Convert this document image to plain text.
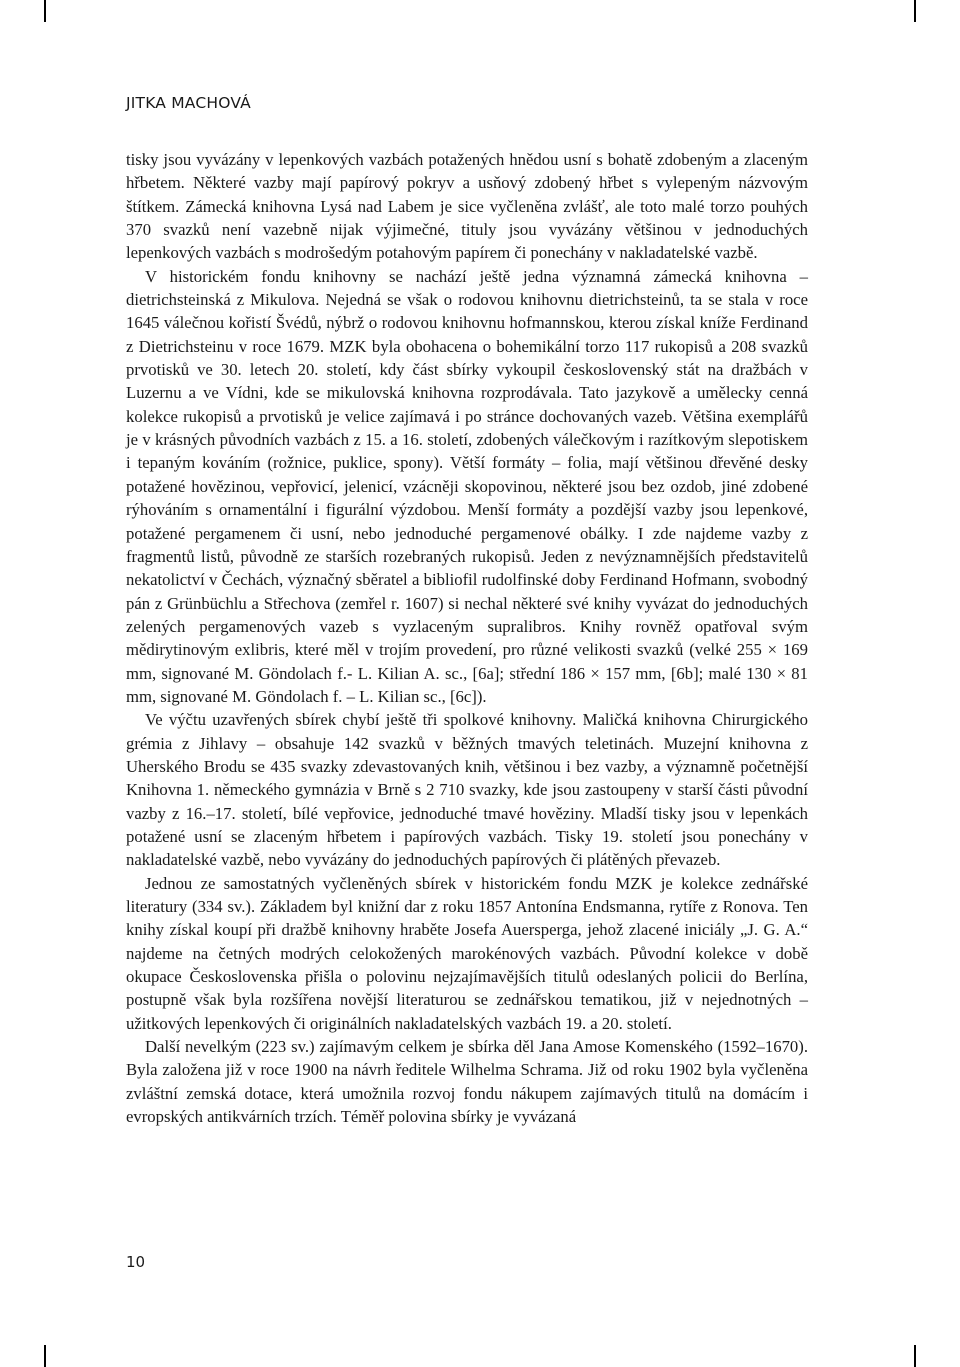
JITKA MACHOVÁ

tisky jsou vyvázány v lepenkových vazbách potažených hnědou usní s bohatě zdobeným a zlaceným hřbetem. Některé vazby mají papírový pokryv a usňový zdobený hřbet s vylepeným názvovým štítkem. Zámecká knihovna Lysá nad Labem je sice vyčleněna zvlášť, ale toto malé torzo pouhých 370 svazků není vazebně nijak výjimečné, tituly jsou vyvázány většinou v jednoduchých lepenkových vazbách s modrošedým potahovým papírem či ponechány v nakladatelské vazbě.

V historickém fondu knihovny se nachází ještě jedna významná zámecká knihovna – dietrichsteinská z Mikulova. Nejedná se však o rodovou knihovnu dietrichsteinů, ta se stala v roce 1645 válečnou kořistí Švédů, nýbrž o rodovou knihovnu hofmannskou, kterou získal kníže Ferdinand z Dietrichsteinu v roce 1679. MZK byla obohacena o bohemikální torzo 117 rukopisů a 208 svazků prvotisků ve 30. letech 20. století, kdy část sbírky vykoupil československý stát na dražbách v Luzernu a ve Vídni, kde se mikulovská knihovna rozprodávala. Tato jazykově a umělecky cenná kolekce rukopisů a prvotisků je velice zajímavá i po stránce dochovaných vazeb. Většina exemplářů je v krásných původních vazbách z 15. a 16. století, zdobených válečkovým i razítkovým slepotiskem i tepaným kováním (rožnice, puklice, spony). Větší formáty – folia, mají většinou dřevěné desky potažené hovězinou, vepřovicí, jelenicí, vzácněji skopovinou, některé jsou bez ozdob, jiné zdobené rýhováním s ornamentální i figurální výzdobou. Menší formáty a pozdější vazby jsou lepenkové, potažené pergamenem či usní, nebo jednoduché pergamenové obálky. I zde najdeme vazby z fragmentů listů, původně ze starších rozebraných rukopisů. Jeden z nevýznamnějších představitelů nekatolictví v Čechách, význačný sběratel a bibliofil rudolfinské doby Ferdinand Hofmann, svobodný pán z Grünbüchlu a Střechova (zemřel r. 1607) si nechal některé své knihy vyvázat do jednoduchých zelených pergamenových vazeb s vyzlaceným supralibros. Knihy rovněž opatřoval svým mědirytinovým exlibris, které měl v trojím provedení, pro různé velikosti svazků (velké 255 × 169 mm, signované M. Göndolach f.- L. Kilian A. sc., [6a]; střední 186 × 157 mm, [6b]; malé 130 × 81 mm, signované M. Göndolach f. – L. Kilian sc., [6c]).

Ve výčtu uzavřených sbírek chybí ještě tři spolkové knihovny. Maličká knihovna Chirurgického grémia z Jihlavy – obsahuje 142 svazků v běžných tmavých teletinách. Muzejní knihovna z Uherského Brodu se 435 svazky zdevastovaných knih, většinou i bez vazby, a významně početnější Knihovna 1. německého gymnázia v Brně s 2 710 svazky, kde jsou zastoupeny v starší části původní vazby z 16.–17. století, bílé vepřovice, jednoduché tmavé hověziny. Mladší tisky jsou v lepenkách potažené usní se zlaceným hřbetem i papírových vazbách. Tisky 19. století jsou ponechány v nakladatelské vazbě, nebo vyvázány do jednoduchých papírových či plátěných převazeb.

Jednou ze samostatných vyčleněných sbírek v historickém fondu MZK je kolekce zednářské literatury (334 sv.). Základem byl knižní dar z roku 1857 Antonína Endsmanna, rytíře z Ronova. Ten knihy získal koupí při dražbě knihovny hraběte Josefa Auersperga, jehož zlacené iniciály „J. G. A.“ najdeme na četných modrých celokožených marokénových vazbách. Původní kolekce v době okupace Československa přišla o polovinu nejzajímavějších titulů odeslaných policii do Berlína, postupně však byla rozšířena novější literaturou se zednářskou tematikou, již v nejednotných – užitkových lepenkových či originálních nakladatelských vazbách 19. a 20. století.

Další nevelkým (223 sv.) zajímavým celkem je sbírka děl Jana Amose Komenského (1592–1670). Byla založena již v roce 1900 na návrh ředitele Wilhelma Schrama. Již od roku 1902 byla vyčleněna zvláštní zemská dotace, která umožnila rozvoj fondu nákupem zajímavých titulů na domácím i evropských antikvárních trzích. Téměř polovina sbírky je vyvázaná

10
